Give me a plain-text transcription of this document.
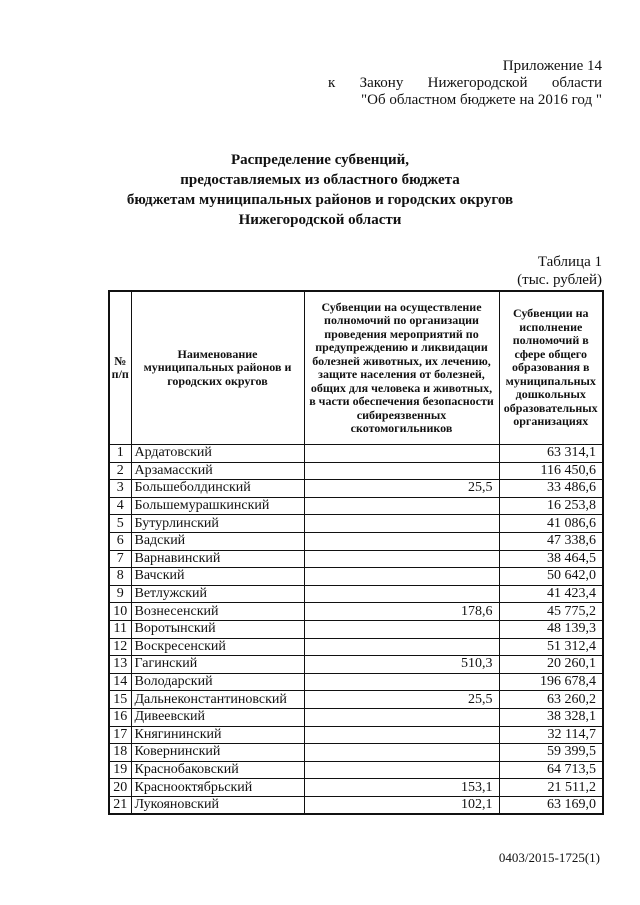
Приложение 14
к Закону Нижегородской области
"Об областном бюджете на 2016 год "
Распределение субвенций,
предоставляемых из областного бюджета
бюджетам муниципальных районов и городских округов
Нижегородской области
Таблица 1
(тыс. рублей)
№ п/п	Наименование муниципальных районов и городских округов	Субвенции на осуществление полномочий по организации проведения мероприятий по предупреждению и ликвидации болезней животных, их лечению, защите населения от болезней, общих для человека и животных, в части обеспечения безопасности сибиреязвенных скотомогильников	Субвенции на исполнение полномочий в сфере общего образования в муниципальных дошкольных образовательных организациях
1	Ардатовский		63 314,1
2	Арзамасский		116 450,6
3	Большеболдинский	25,5	33 486,6
4	Большемурашкинский		16 253,8
5	Бутурлинский		41 086,6
6	Вадский		47 338,6
7	Варнавинский		38 464,5
8	Вачский		50 642,0
9	Ветлужский		41 423,4
10	Вознесенский	178,6	45 775,2
11	Воротынский		48 139,3
12	Воскресенский		51 312,4
13	Гагинский	510,3	20 260,1
14	Володарский		196 678,4
15	Дальнеконстантиновский	25,5	63 260,2
16	Дивеевский		38 328,1
17	Княгининский		32 114,7
18	Ковернинский		59 399,5
19	Краснобаковский		64 713,5
20	Краснооктябрьский	153,1	21 511,2
21	Лукояновский	102,1	63 169,0
0403/2015-1725(1)
